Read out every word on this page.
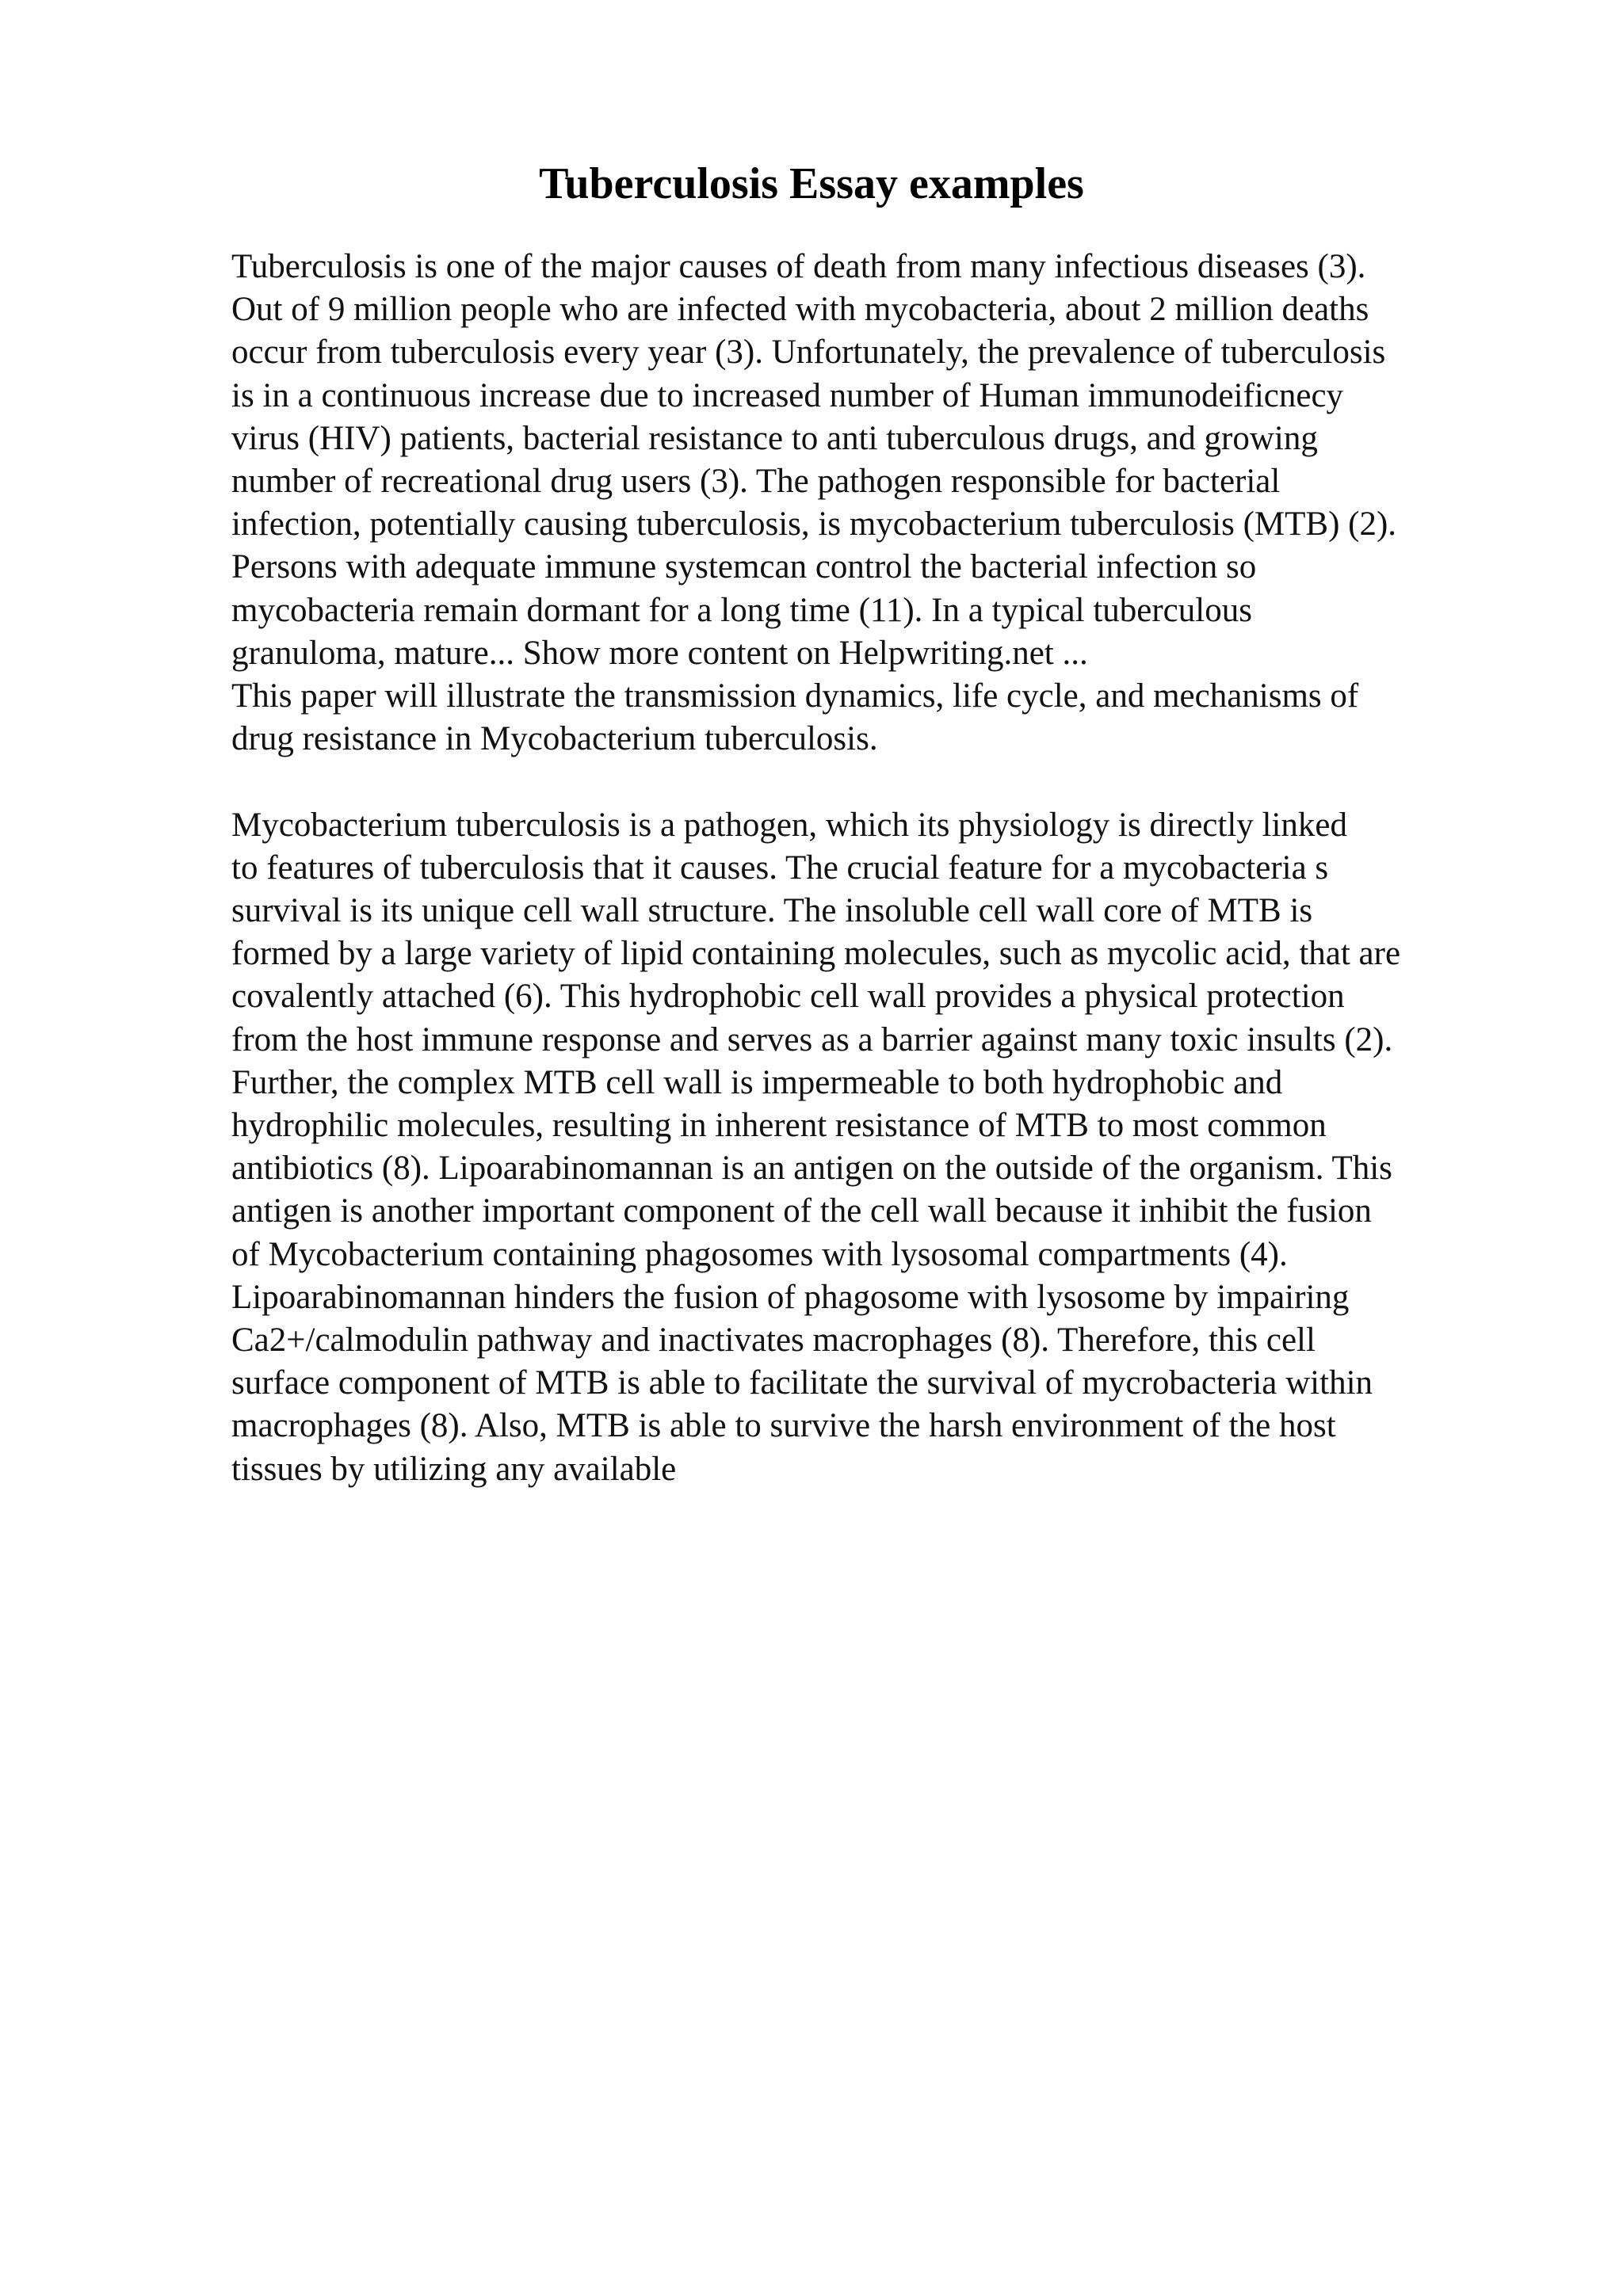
Tuberculosis Essay examples
Tuberculosis is one of the major causes of death from many infectious diseases (3).
Out of 9 million people who are infected with mycobacteria, about 2 million deaths
occur from tuberculosis every year (3). Unfortunately, the prevalence of tuberculosis
is in a continuous increase due to increased number of Human immunodeificnecy
virus (HIV) patients, bacterial resistance to anti tuberculous drugs, and growing
number of recreational drug users (3). The pathogen responsible for bacterial
infection, potentially causing tuberculosis, is mycobacterium tuberculosis (MTB) (2).
Persons with adequate immune systemcan control the bacterial infection so
mycobacteria remain dormant for a long time (11). In a typical tuberculous
granuloma, mature... Show more content on Helpwriting.net ...
This paper will illustrate the transmission dynamics, life cycle, and mechanisms of
drug resistance in Mycobacterium tuberculosis.
Mycobacterium tuberculosis is a pathogen, which its physiology is directly linked
to features of tuberculosis that it causes. The crucial feature for a mycobacteria s
survival is its unique cell wall structure. The insoluble cell wall core of MTB is
formed by a large variety of lipid containing molecules, such as mycolic acid, that are
covalently attached (6). This hydrophobic cell wall provides a physical protection
from the host immune response and serves as a barrier against many toxic insults (2).
Further, the complex MTB cell wall is impermeable to both hydrophobic and
hydrophilic molecules, resulting in inherent resistance of MTB to most common
antibiotics (8). Lipoarabinomannan is an antigen on the outside of the organism. This
antigen is another important component of the cell wall because it inhibit the fusion
of Mycobacterium containing phagosomes with lysosomal compartments (4).
Lipoarabinomannan hinders the fusion of phagosome with lysosome by impairing
Ca2+/calmodulin pathway and inactivates macrophages (8). Therefore, this cell
surface component of MTB is able to facilitate the survival of mycrobacteria within
macrophages (8). Also, MTB is able to survive the harsh environment of the host
tissues by utilizing any available
